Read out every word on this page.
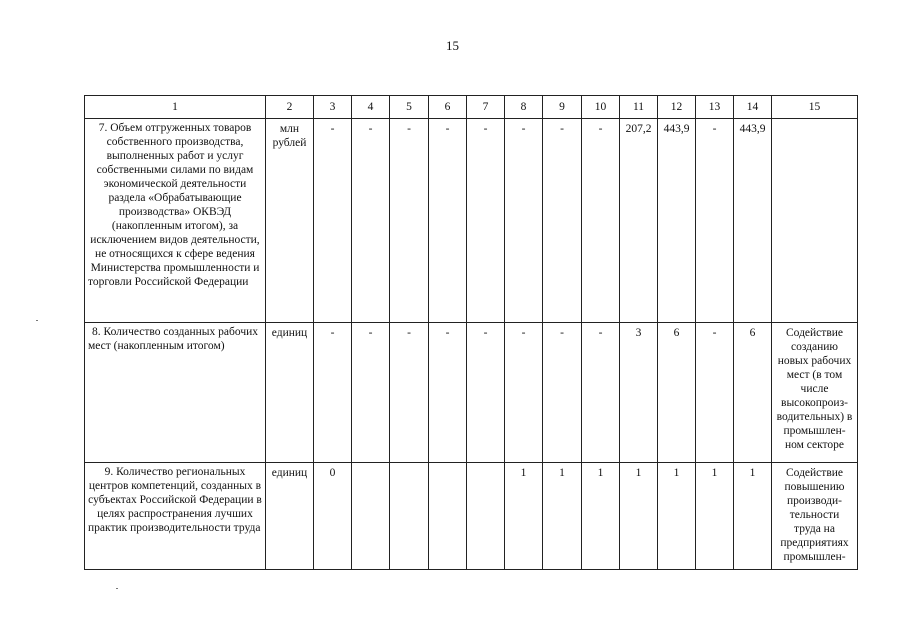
15
1	2	3	4	5	6	7	8	9	10	11	12	13	14	15
7. Объем отгруженных товаров собственного производства, выполненных работ и услуг собственными силами по видам экономической деятельности раздела «Обрабатывающие производства» ОКВЭД (накопленным итогом), за исключением видов деятельности, не относящихся к сфере ведения Министерства промышленности и торговли Российской Федерации	млн рублей	-	-	-	-	-	-	-	-	207,2	443,9	-	443,9	
8. Количество созданных рабочих мест (накопленным итогом)	единиц	-	-	-	-	-	-	-	-	3	6	-	6	Содействие созданию новых рабочих мест (в том числе высокопроиз-водительных) в промышлен-ном секторе
9. Количество региональных центров компетенций, созданных в субъектах Российской Федерации в целях распространения лучших практик производительности труда	единиц	0					1	1	1	1	1	1	1	Содействие повышению производи-тельности труда на предприятиях промышлен-
